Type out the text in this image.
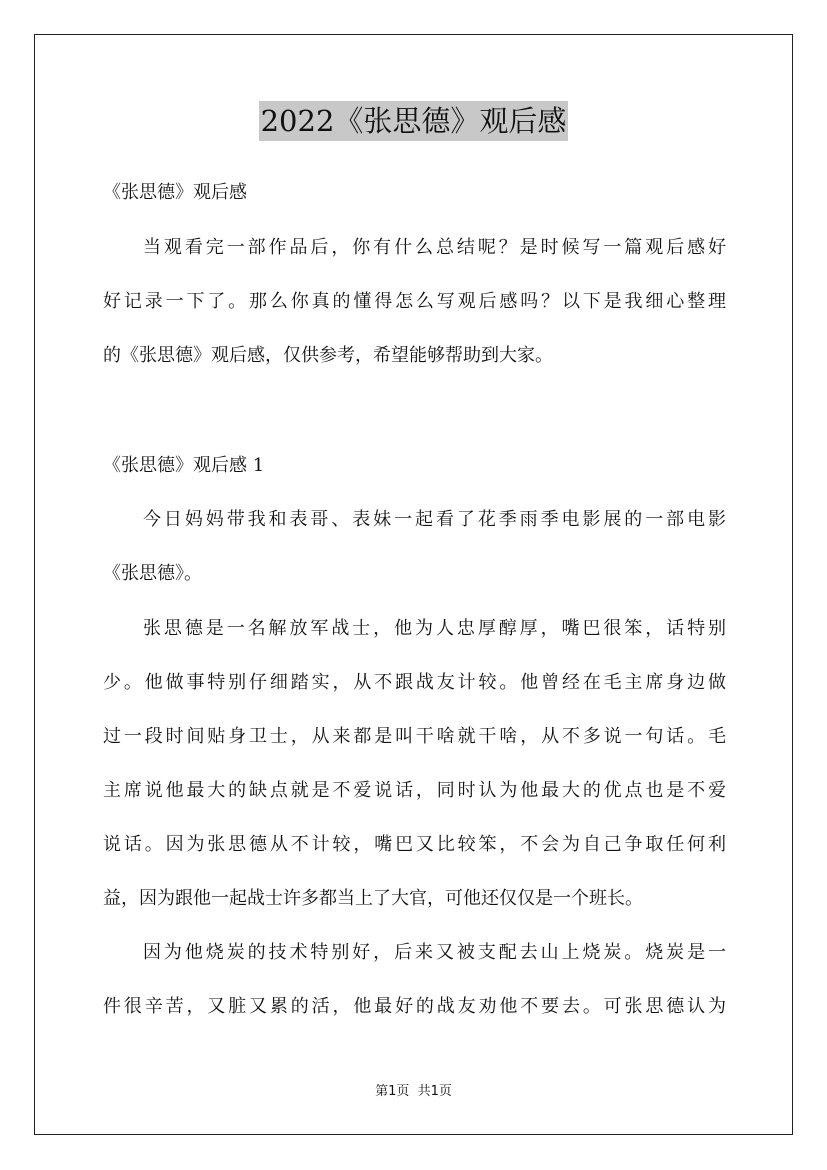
2022《张思德》观后感
《张思德》观后感
当观看完一部作品后，你有什么总结呢？是时候写一篇观后感好
好记录一下了。那么你真的懂得怎么写观后感吗？以下是我细心整理
的《张思德》观后感，仅供参考，希望能够帮助到大家。
《张思德》观后感 1
今日妈妈带我和表哥、表妹一起看了花季雨季电影展的一部电影
《张思德》。
张思德是一名解放军战士，他为人忠厚醇厚，嘴巴很笨，话特别
少。他做事特别仔细踏实，从不跟战友计较。他曾经在毛主席身边做
过一段时间贴身卫士，从来都是叫干啥就干啥，从不多说一句话。毛
主席说他最大的缺点就是不爱说话，同时认为他最大的优点也是不爱
说话。因为张思德从不计较，嘴巴又比较笨，不会为自己争取任何利
益，因为跟他一起战士许多都当上了大官，可他还仅仅是一个班长。
因为他烧炭的技术特别好，后来又被支配去山上烧炭。烧炭是一
件很辛苦，又脏又累的活，他最好的战友劝他不要去。可张思德认为
第1页  共1页
